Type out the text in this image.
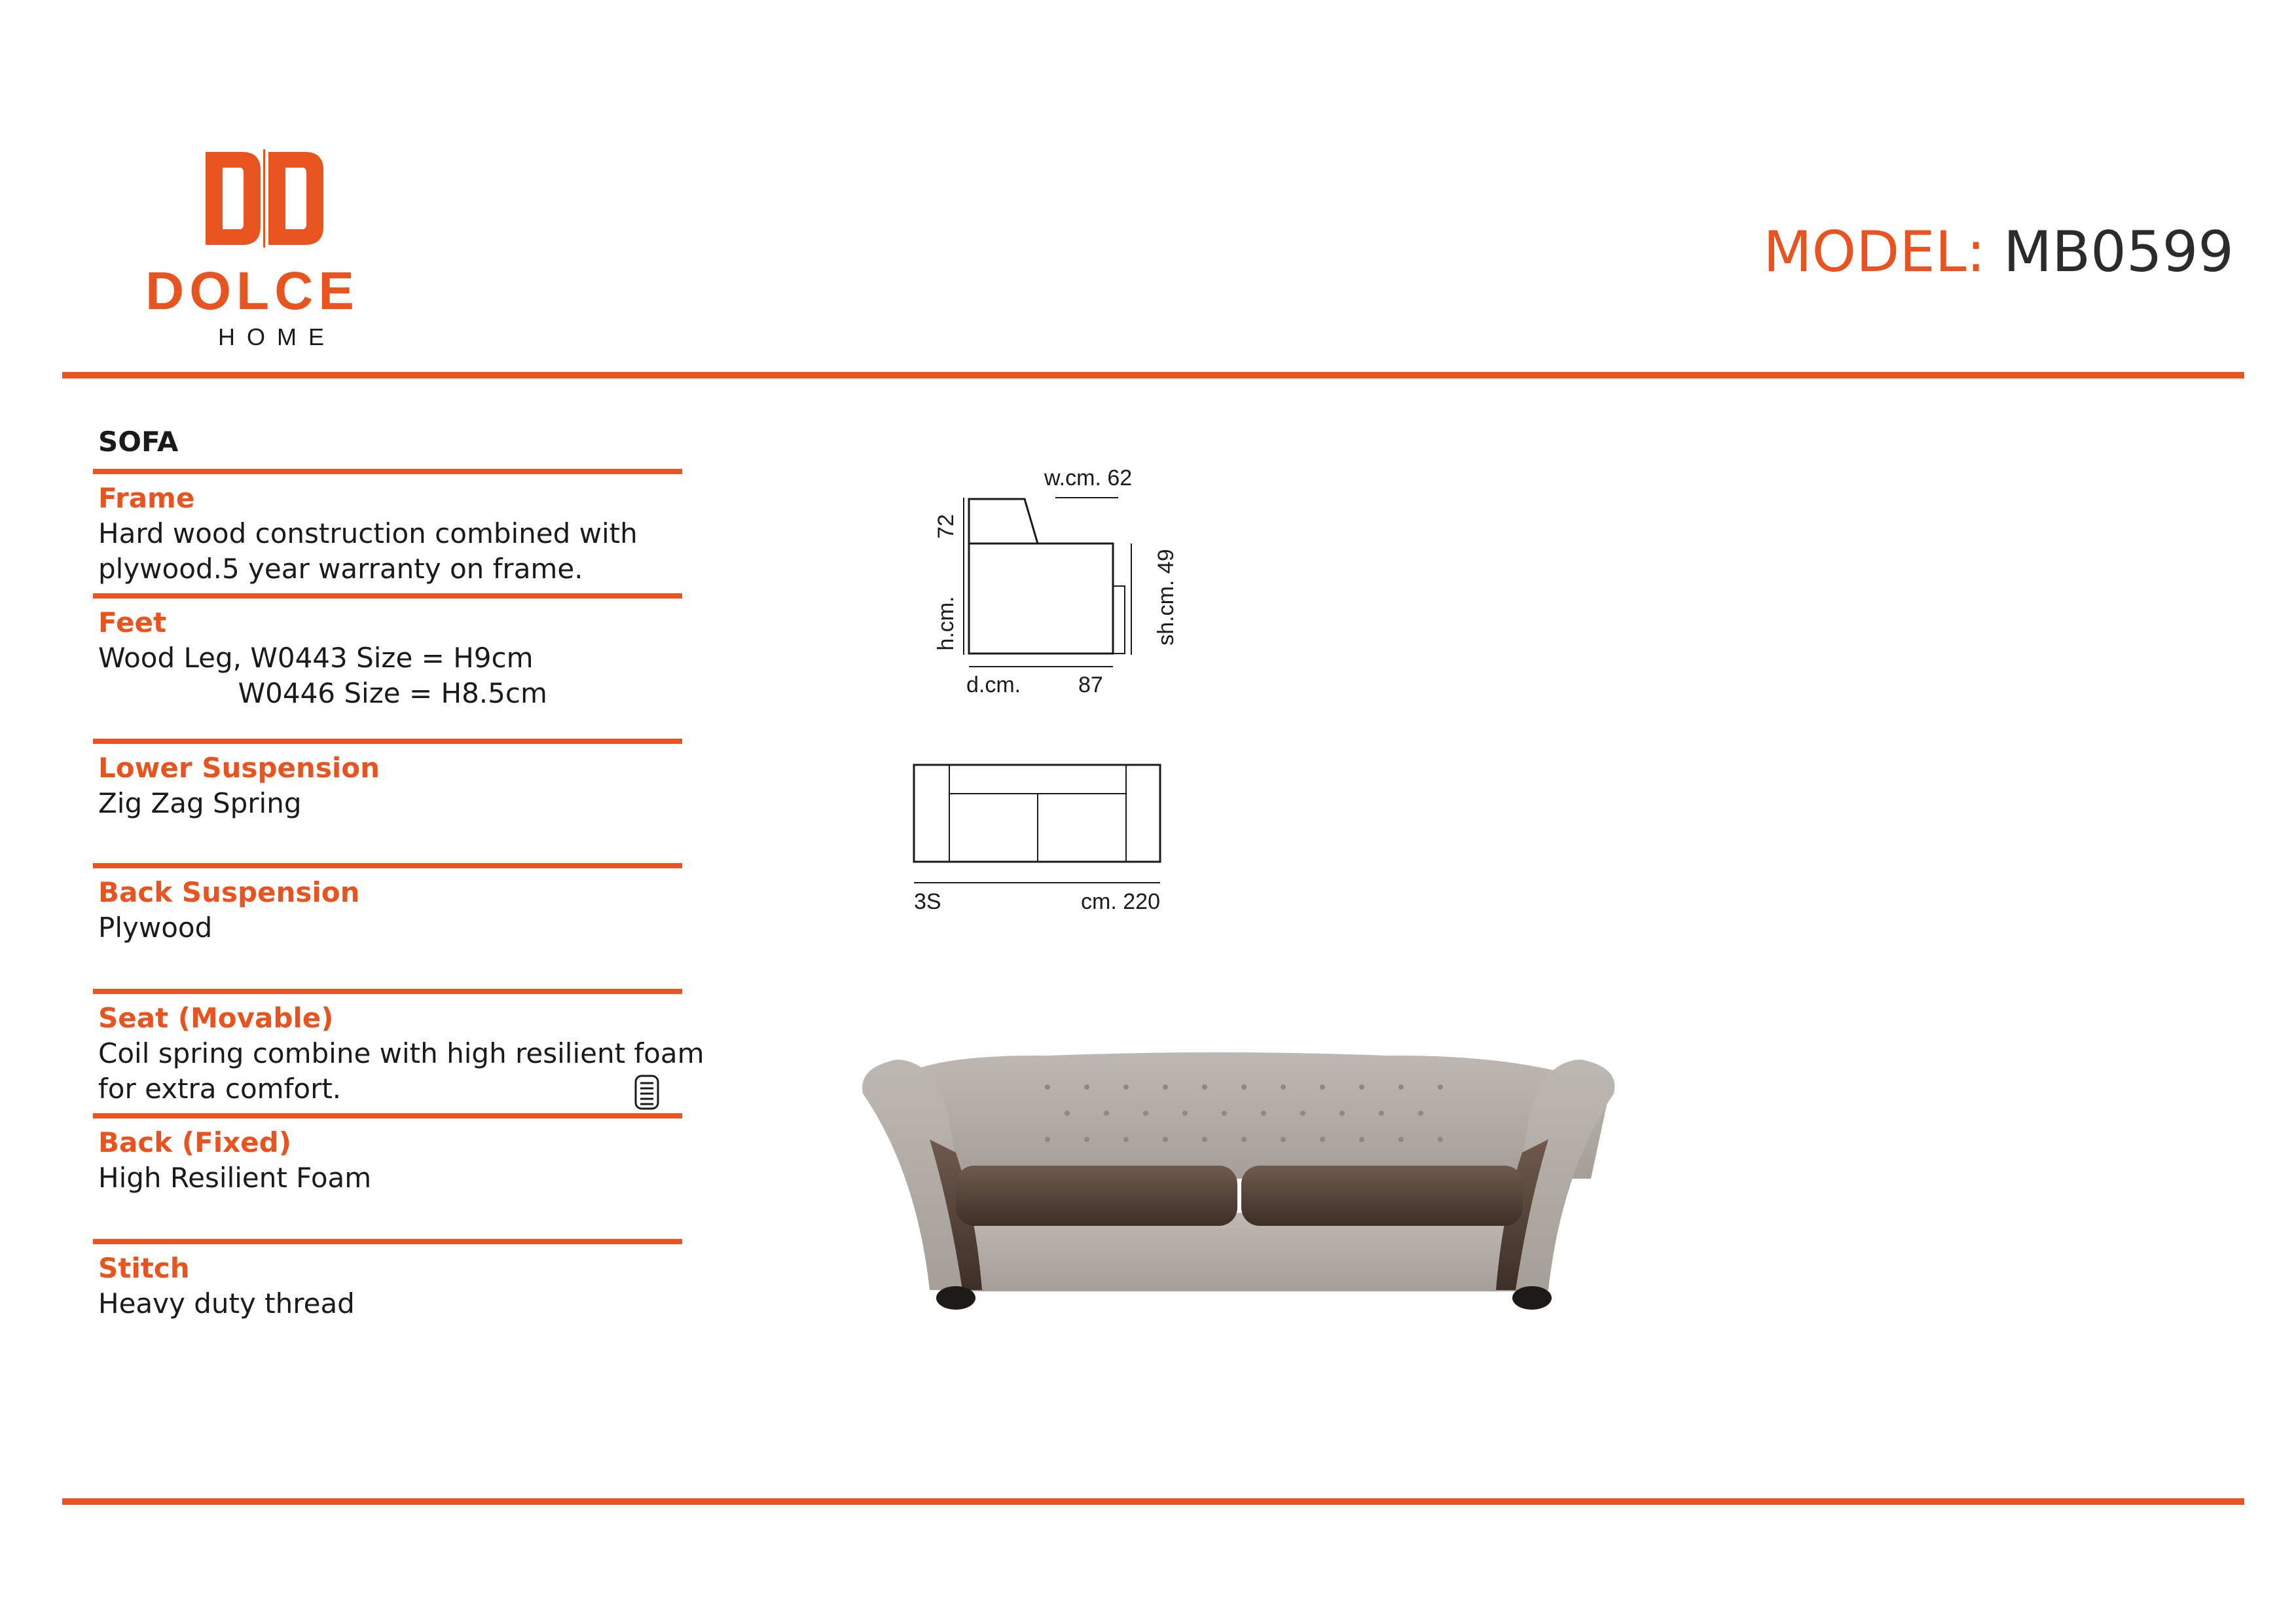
DOLCE
HOME
MODEL: MB0599
SOFA
Frame
Hard wood construction combined with
plywood.5 year warranty on frame.
Feet
Wood Leg, W0443 Size = H9cm
W0446 Size = H8.5cm
Lower Suspension
Zig Zag Spring
Back Suspension
Plywood
Seat (Movable)
Coil spring combine with high resilient foam
for extra comfort.
Back (Fixed)
High Resilient Foam
Stitch
Heavy duty thread
w.cm. 62
72
h.cm.	sh.cm. 49
d.cm.	87
3S	cm. 220
